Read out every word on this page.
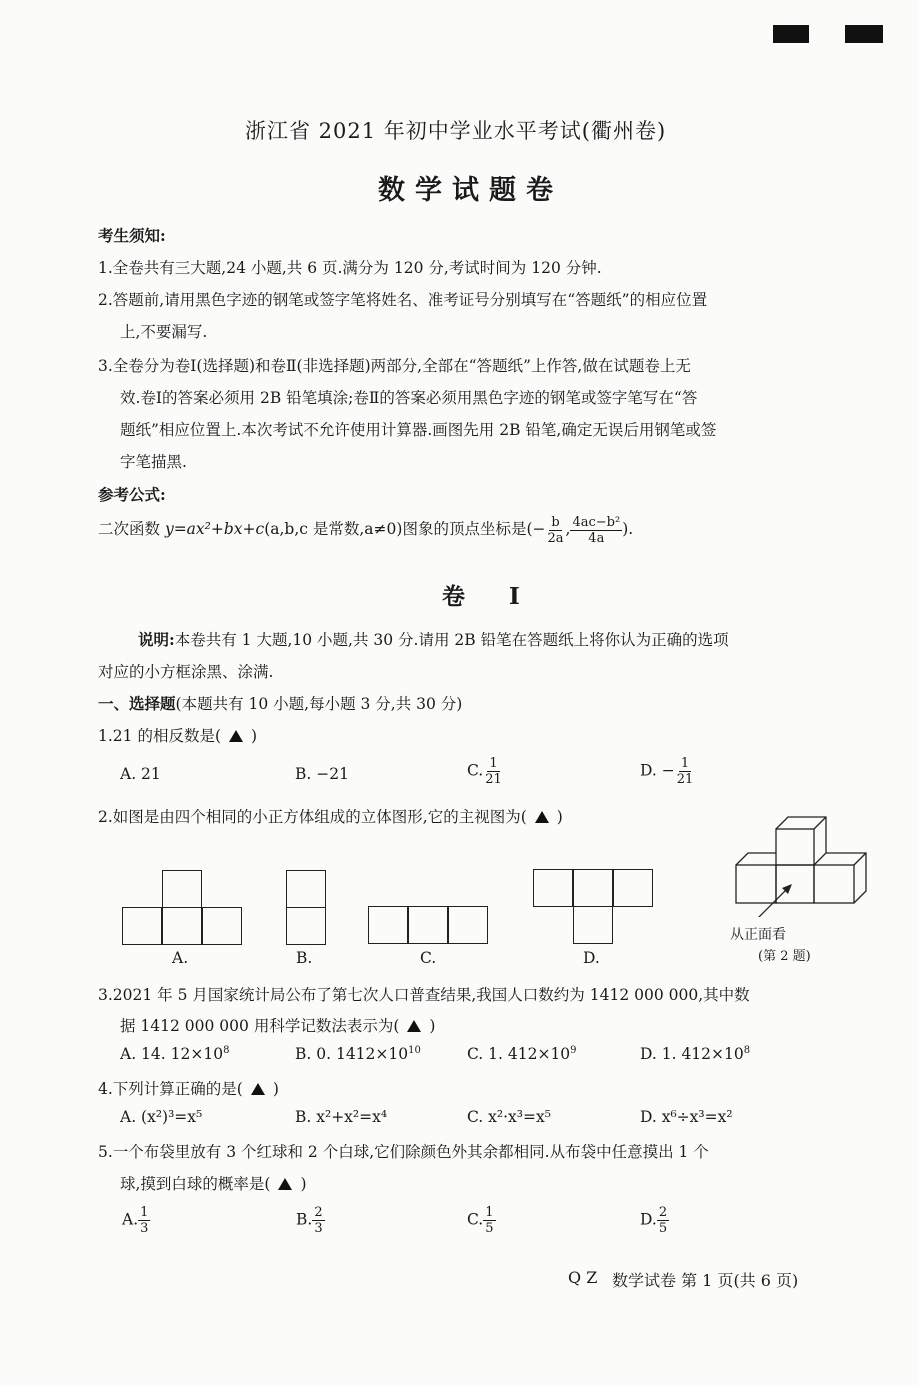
浙江省 2021 年初中学业水平考试(衢州卷)
数学试题卷
考生须知:
1.全卷共有三大题,24 小题,共 6 页.满分为 120 分,考试时间为 120 分钟.
2.答题前,请用黑色字迹的钢笔或签字笔将姓名、准考证号分别填写在“答题纸”的相应位置
上,不要漏写.
3.全卷分为卷Ⅰ(选择题)和卷Ⅱ(非选择题)两部分,全部在“答题纸”上作答,做在试题卷上无
效.卷Ⅰ的答案必须用 2B 铅笔填涂;卷Ⅱ的答案必须用黑色字迹的钢笔或签字笔写在“答
题纸”相应位置上.本次考试不允许使用计算器.画图先用 2B 铅笔,确定无误后用钢笔或签
字笔描黑.
参考公式:
二次函数 y=ax²+bx+c(a,b,c 是常数,a≠0)图象的顶点坐标是(− $\frac{b}{2a}$ , $\frac{\text{4ac−b²}}{4a}$ ).
卷 Ⅰ
说明:本卷共有 1 大题,10 小题,共 30 分.请用 2B 铅笔在答题纸上将你认为正确的选项
对应的小方框涂黑、涂满.
一、选择题(本题共有 10 小题,每小题 3 分,共 30 分)
1.21 的相反数是( )
A. 21	B. −21	C. $\frac{1}{21}$	D. − $\frac{1}{21}$
2.如图是由四个相同的小正方体组成的立体图形,它的主视图为( )
A.	B.	C.	D.
从正面看
(第 2 题)
3.2021 年 5 月国家统计局公布了第七次人口普查结果,我国人口数约为 1412 000 000,其中数
据 1412 000 000 用科学记数法表示为( )
A. 14. $12\times 10^8$	B. 0. $1412\times 10^{10}$	C. 1. $412\times 10^9$	D. 1. $412\times 10^8$
4.下列计算正确的是( )
A. (x²)³=x⁵	B. x²+x²=x⁴	C. x²·x³=x⁵	D. x⁶÷x³=x²
5.一个布袋里放有 3 个红球和 2 个白球,它们除颜色外其余都相同.从布袋中任意摸出 1 个
球,摸到白球的概率是( )
A. $\frac{1}{3}$	B. $\frac{2}{3}$	C. $\frac{1}{5}$	D. $\frac{2}{5}$
Q Z 数学试卷 第 1 页(共 6 页)
